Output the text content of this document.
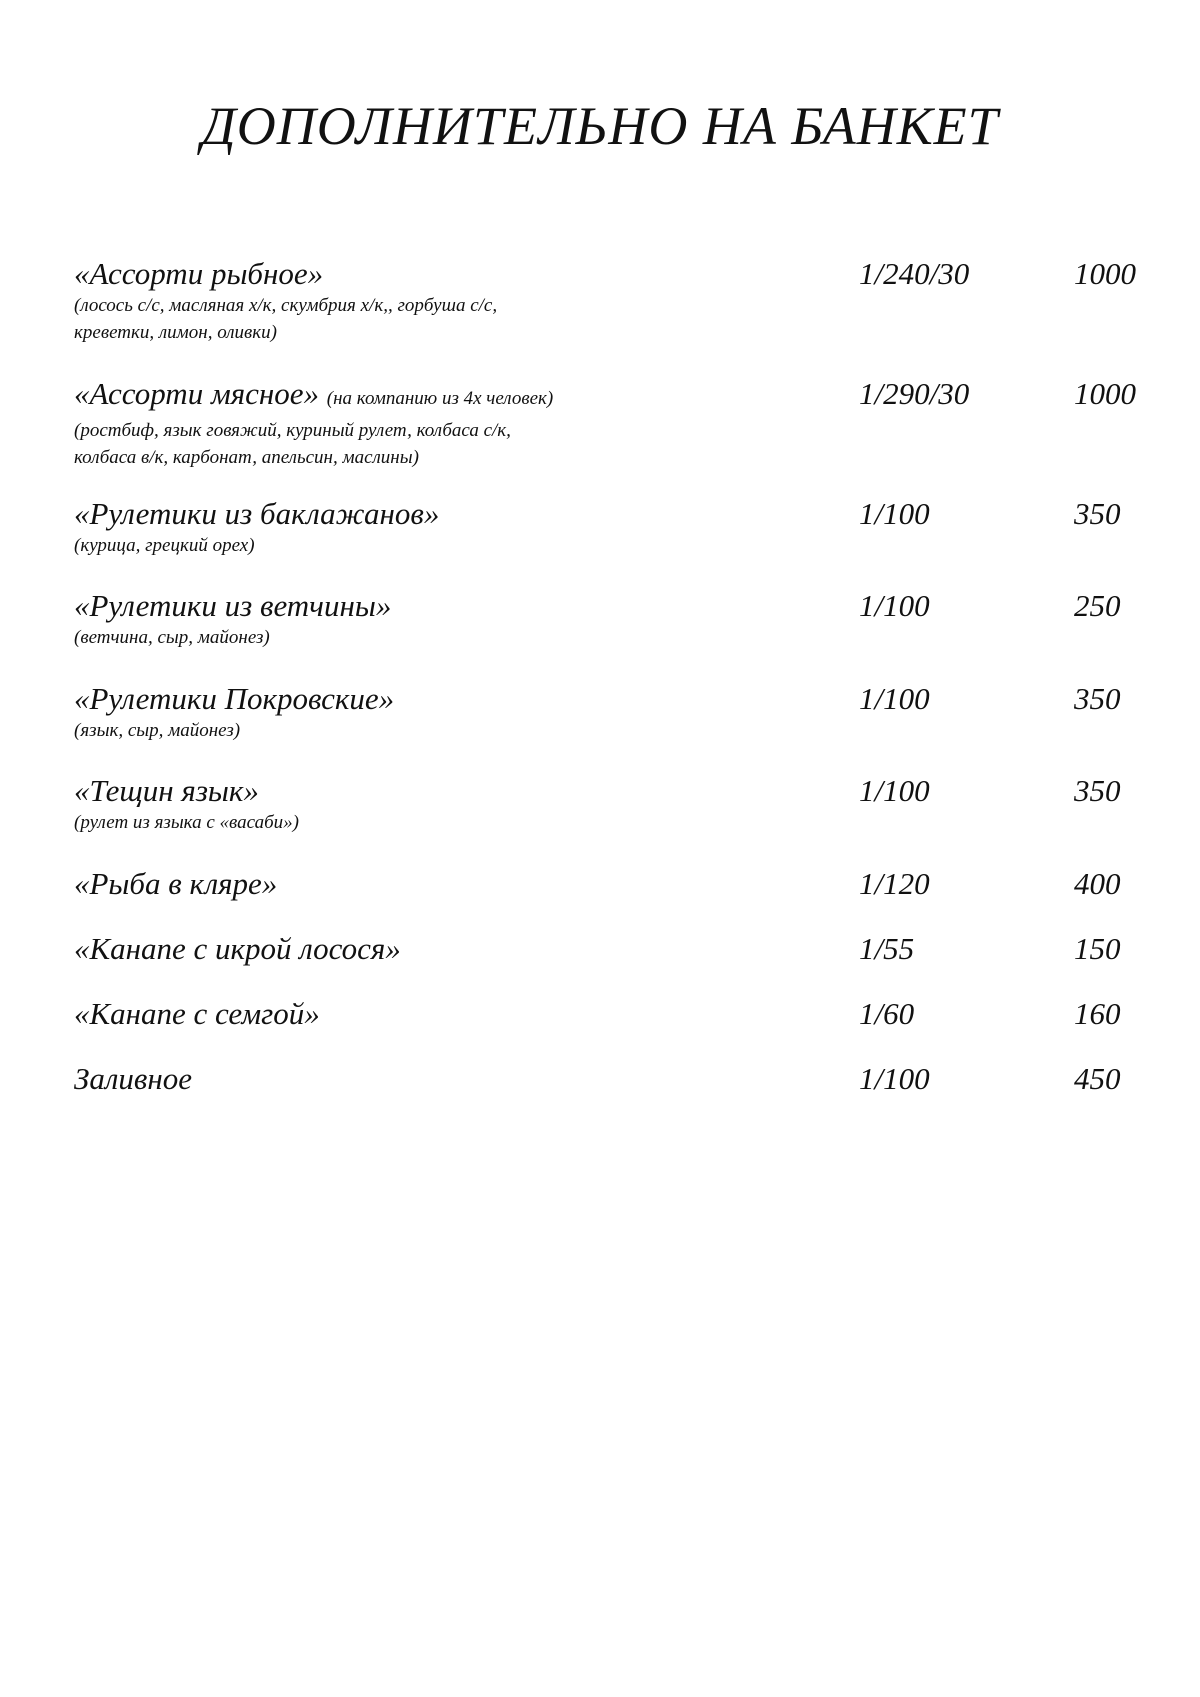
ДОПОЛНИТЕЛЬНО НА БАНКЕТ
«Ассорти рыбное»
(лосось с/с, масляная х/к, скумбрия х/к,, горбуша с/с,
креветки, лимон, оливки)
1/240/30	1000
«Ассорти мясное» (на компанию из 4х человек)
(ростбиф, язык говяжий, куриный рулет, колбаса с/к,
колбаса в/к, карбонат, апельсин, маслины)
1/290/30	1000
«Рулетики из баклажанов»
(курица, грецкий орех)
1/100	350
«Рулетики из ветчины»
(ветчина, сыр, майонез)
1/100	250
«Рулетики Покровские»
(язык, сыр, майонез)
1/100	350
«Тещин язык»
(рулет из языка с «васаби»)
1/100	350
«Рыба в кляре»	1/120	400
«Канапе с икрой лосося»	1/55	150
«Канапе с семгой»	1/60	160
Заливное	1/100	450
